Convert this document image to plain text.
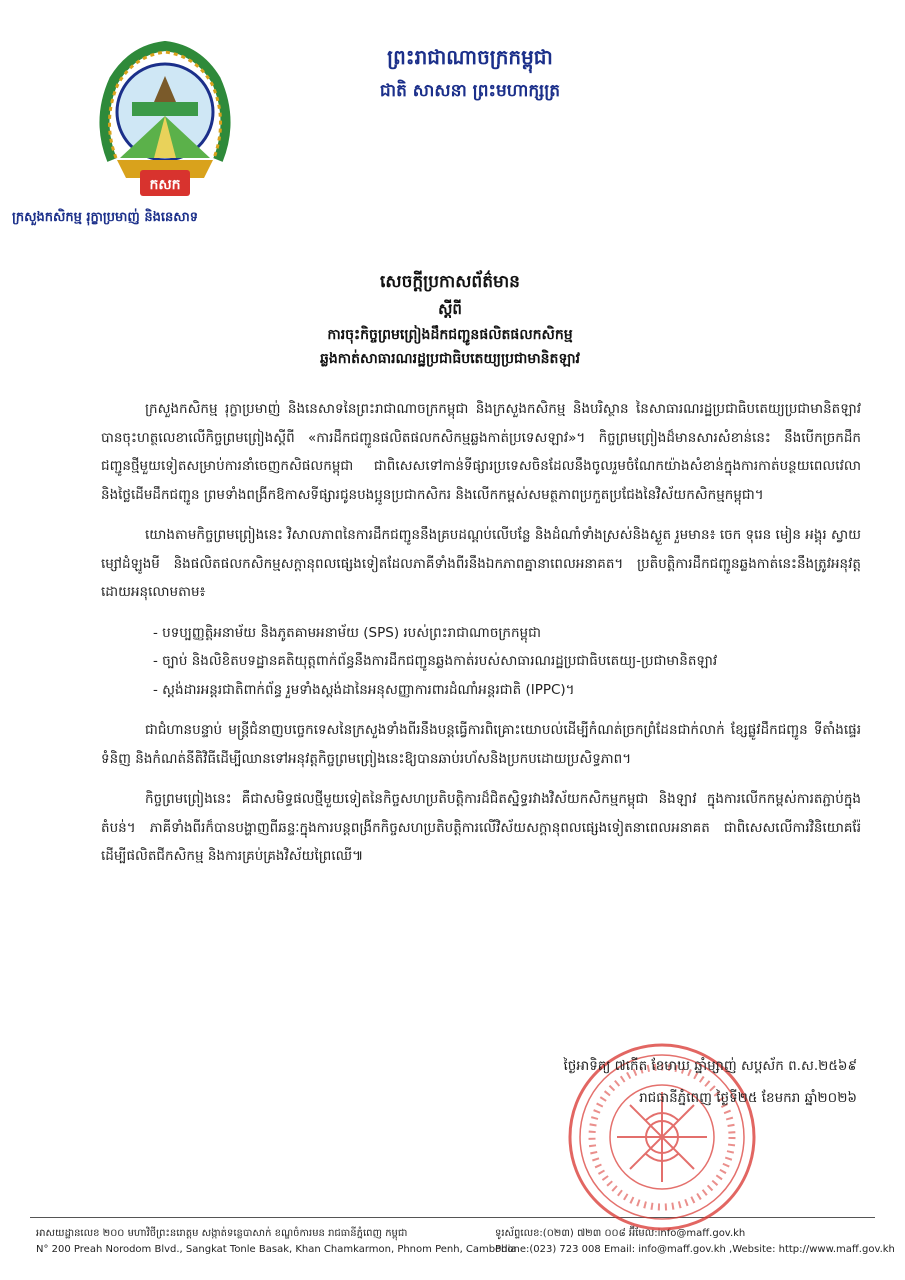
ព្រះរាជាណាចក្រកម្ពុជា
ជាតិ សាសនា ព្រះមហាក្សត្រ
កសក
ក្រសួងកសិកម្ម រុក្ខាប្រមាញ់ និងនេសាទ
សេចក្តីប្រកាសព័ត៌មាន
ស្តីពី
ការចុះកិច្ចព្រមព្រៀងដឹកជញ្ជូនផលិតផលកសិកម្ម
ឆ្លងកាត់សាធារណរដ្ឋប្រជាធិបតេយ្យប្រជាមានិតឡាវ

ក្រសួងកសិកម្ម រុក្ខាប្រមាញ់ និងនេសាទនៃព្រះរាជាណាចក្រកម្ពុជា និងក្រសួងកសិកម្ម និងបរិស្ថាន នៃសាធារណរដ្ឋប្រជាធិបតេយ្យប្រជាមានិតឡាវបានចុះហត្ថលេខាលើកិច្ចព្រមព្រៀងស្តីពី «ការដឹកជញ្ជូនផលិតផលកសិកម្មឆ្លងកាត់ប្រទេសឡាវ»។ កិច្ចព្រមព្រៀងដ៏មានសារសំខាន់នេះ នឹងបើកច្រកដឹកជញ្ជូនថ្មីមួយទៀតសម្រាប់ការនាំចេញកសិផលកម្ពុជា ជាពិសេសទៅកាន់ទីផ្សារប្រទេសចិនដែលនឹងចូលរួមចំណែកយ៉ាងសំខាន់ក្នុងការកាត់បន្ថយពេលវេលា និងថ្លៃដើមដឹកជញ្ជូន ព្រមទាំងពង្រីកឱកាសទីផ្សារជូនបងប្អូនប្រជាកសិករ និងលើកកម្ពស់សមត្ថភាពប្រកួតប្រជែងនៃវិស័យកសិកម្មកម្ពុជា។

យោងតាមកិច្ចព្រមព្រៀងនេះ វិសាលភាពនៃការដឹកជញ្ជូននឹងគ្របដណ្តប់លើបន្លែ និងដំណាំទាំងស្រស់និងស្ងួត រួមមាន៖ ចេក ទុរេន មៀន អង្គុរ ស្វាយ ម្សៅដំឡូងមី និងផលិតផលកសិកម្មសក្តានុពលផ្សេងទៀតដែលភាគីទាំងពីរនឹងឯកភាពគ្នានាពេលអនាគត។ ប្រតិបត្តិការដឹកជញ្ជូនឆ្លងកាត់នេះនឹងត្រូវអនុវត្តដោយអនុលោមតាម៖

- បទប្បញ្ញត្តិអនាម័យ និងភូតគាមអនាម័យ (SPS) របស់ព្រះរាជាណាចក្រកម្ពុជា
- ច្បាប់ និងលិខិតបទដ្ឋានគតិយុត្តពាក់ព័ន្ធនឹងការដឹកជញ្ជូនឆ្លងកាត់របស់សាធារណរដ្ឋប្រជាធិបតេយ្យ-ប្រជាមានិតឡាវ
- ស្តង់ដារអន្តរជាតិពាក់ព័ន្ធ រួមទាំងស្តង់ដានៃអនុសញ្ញាការពារដំណាំអន្តរជាតិ (IPPC)។

ជាជំហានបន្ទាប់ មន្ត្រីជំនាញបច្ចេកទេសនៃក្រសួងទាំងពីរនឹងបន្តធ្វើការពិគ្រោះយោបល់ដើម្បីកំណត់ច្រកព្រំដែនជាក់លាក់ ខ្សែផ្លូវដឹកជញ្ជូន ទីតាំងផ្ទេរទំនិញ និងកំណត់នីតិវិធីដើម្បីឈានទៅអនុវត្តកិច្ចព្រមព្រៀងនេះឱ្យបានឆាប់រហ័សនិងប្រកបដោយប្រសិទ្ធភាព។

កិច្ចព្រមព្រៀងនេះ គឺជាសមិទ្ធផលថ្មីមួយទៀតនៃកិច្ចសហប្រតិបត្តិការដ៏ជិតស្និទ្ធរវាងវិស័យកសិកម្មកម្ពុជា និងឡាវ ក្នុងការលើកកម្ពស់ការតភ្ជាប់ក្នុងតំបន់។ ភាគីទាំងពីរក៏បានបង្ហាញពីឆន្ទៈក្នុងការបន្តពង្រីកកិច្ចសហប្រតិបត្តិការលើវិស័យសក្តានុពលផ្សេងទៀតនាពេលអនាគត ជាពិសេសលើការវិនិយោគរ៉ែដើម្បីផលិតជីកសិកម្ម និងការគ្រប់គ្រងវិស័យព្រៃឈើ៕

ថ្ងៃអាទិត្យ ៧កើត ខែមាឃ ឆ្នាំម្សាញ់ សប្តស័ក ព.ស.២៥៦៩
រាជធានីភ្នំពេញ ថ្ងៃទី២៥ ខែមករា ឆ្នាំ២០២៦
អាសយដ្ឋានលេខ ២០០ មហាវិថីព្រះនរោត្តម សង្កាត់ទន្លេបាសាក់ ខណ្ឌចំការមន រាជធានីភ្នំពេញ កម្ពុជា
N° 200 Preah Norodom Blvd., Sangkat Tonle Basak, Khan Chamkarmon, Phnom Penh, Cambodia
ទូរស័ព្ទលេខ:(០២៣) ៧២៣ ០០៨ អ៊ីមែល:info@maff.gov.kh
Phone:(023) 723 008 Email: info@maff.gov.kh ,Website: http://www.maff.gov.kh
